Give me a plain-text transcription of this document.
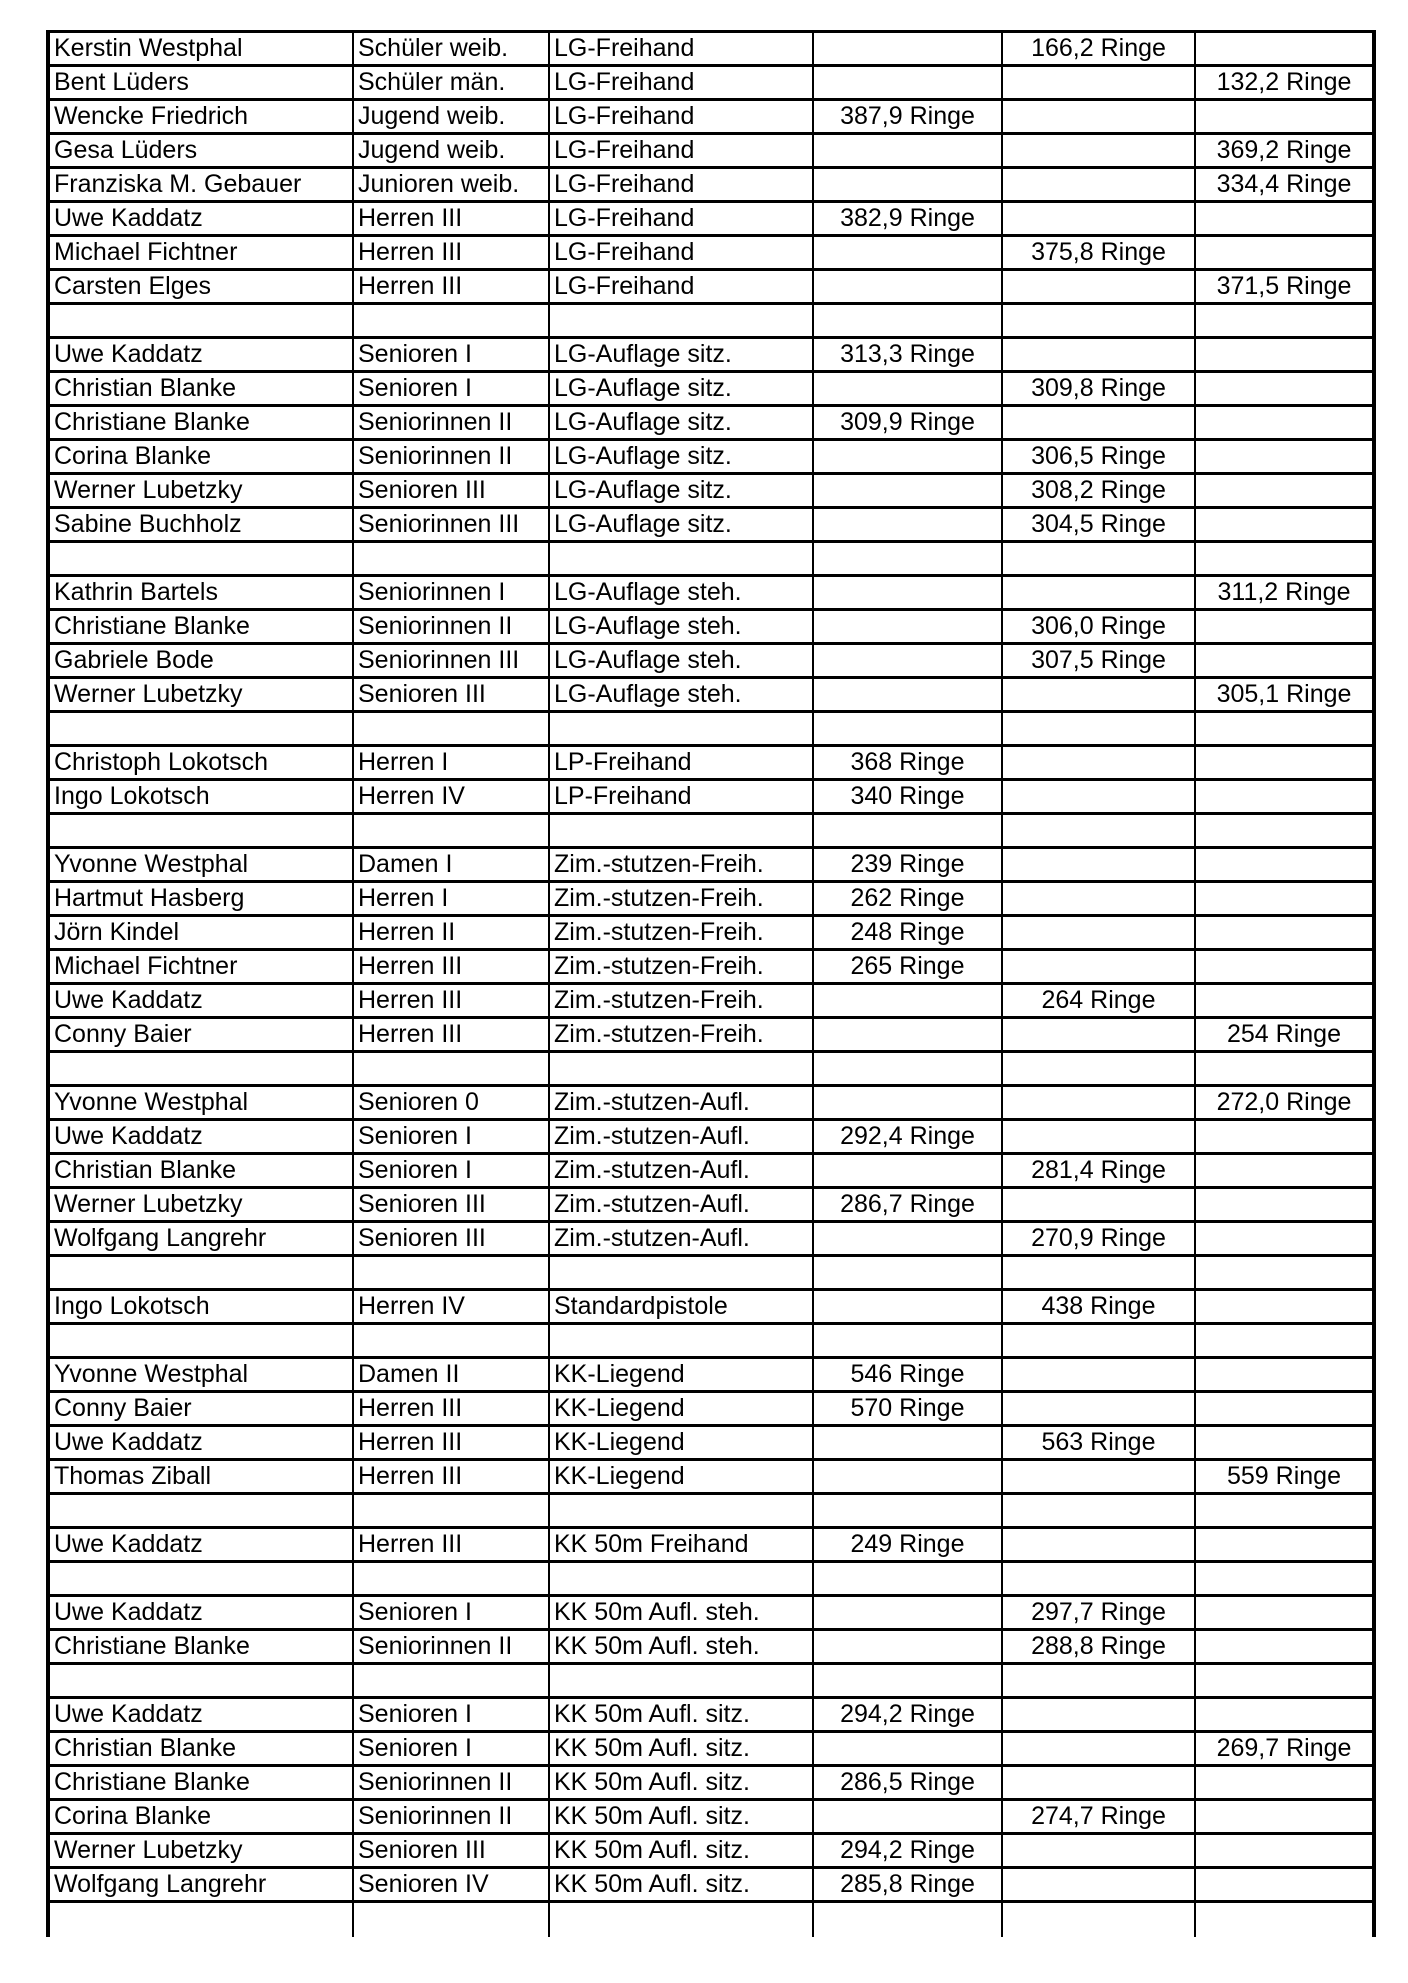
Kerstin Westphal	Schüler weib.	LG-Freihand		166,2 Ringe	
Bent Lüders	Schüler män.	LG-Freihand			132,2 Ringe
Wencke Friedrich	Jugend weib.	LG-Freihand	387,9 Ringe		
Gesa Lüders	Jugend weib.	LG-Freihand			369,2 Ringe
Franziska M. Gebauer	Junioren weib.	LG-Freihand			334,4 Ringe
Uwe Kaddatz	Herren III	LG-Freihand	382,9 Ringe		
Michael Fichtner	Herren III	LG-Freihand		375,8 Ringe	
Carsten Elges	Herren III	LG-Freihand			371,5 Ringe

Uwe Kaddatz	Senioren I	LG-Auflage sitz.	313,3 Ringe		
Christian Blanke	Senioren I	LG-Auflage sitz.		309,8 Ringe	
Christiane Blanke	Seniorinnen II	LG-Auflage sitz.	309,9 Ringe		
Corina Blanke	Seniorinnen II	LG-Auflage sitz.		306,5 Ringe	
Werner Lubetzky	Senioren III	LG-Auflage sitz.		308,2 Ringe	
Sabine Buchholz	Seniorinnen III	LG-Auflage sitz.		304,5 Ringe	

Kathrin Bartels	Seniorinnen I	LG-Auflage steh.			311,2 Ringe
Christiane Blanke	Seniorinnen II	LG-Auflage steh.		306,0 Ringe	
Gabriele Bode	Seniorinnen III	LG-Auflage steh.		307,5 Ringe	
Werner Lubetzky	Senioren III	LG-Auflage steh.			305,1 Ringe

Christoph Lokotsch	Herren I	LP-Freihand	368 Ringe		
Ingo Lokotsch	Herren IV	LP-Freihand	340 Ringe		

Yvonne Westphal	Damen I	Zim.-stutzen-Freih.	239 Ringe		
Hartmut Hasberg	Herren I	Zim.-stutzen-Freih.	262 Ringe		
Jörn Kindel	Herren II	Zim.-stutzen-Freih.	248 Ringe		
Michael Fichtner	Herren III	Zim.-stutzen-Freih.	265 Ringe		
Uwe Kaddatz	Herren III	Zim.-stutzen-Freih.		264 Ringe	
Conny Baier	Herren III	Zim.-stutzen-Freih.			254 Ringe

Yvonne Westphal	Senioren 0	Zim.-stutzen-Aufl.			272,0 Ringe
Uwe Kaddatz	Senioren I	Zim.-stutzen-Aufl.	292,4 Ringe		
Christian Blanke	Senioren I	Zim.-stutzen-Aufl.		281,4 Ringe	
Werner Lubetzky	Senioren III	Zim.-stutzen-Aufl.	286,7 Ringe		
Wolfgang Langrehr	Senioren III	Zim.-stutzen-Aufl.		270,9 Ringe	

Ingo Lokotsch	Herren IV	Standardpistole		438 Ringe	

Yvonne Westphal	Damen II	KK-Liegend	546 Ringe		
Conny Baier	Herren III	KK-Liegend	570 Ringe		
Uwe Kaddatz	Herren III	KK-Liegend		563 Ringe	
Thomas Ziball	Herren III	KK-Liegend			559 Ringe

Uwe Kaddatz	Herren III	KK 50m Freihand	249 Ringe		

Uwe Kaddatz	Senioren I	KK 50m Aufl. steh.		297,7 Ringe	
Christiane Blanke	Seniorinnen II	KK 50m Aufl. steh.		288,8 Ringe	

Uwe Kaddatz	Senioren I	KK 50m Aufl. sitz.	294,2 Ringe		
Christian Blanke	Senioren I	KK 50m Aufl. sitz.			269,7 Ringe
Christiane Blanke	Seniorinnen II	KK 50m Aufl. sitz.	286,5 Ringe		
Corina Blanke	Seniorinnen II	KK 50m Aufl. sitz.		274,7 Ringe	
Werner Lubetzky	Senioren III	KK 50m Aufl. sitz.	294,2 Ringe		
Wolfgang Langrehr	Senioren IV	KK 50m Aufl. sitz.	285,8 Ringe		
